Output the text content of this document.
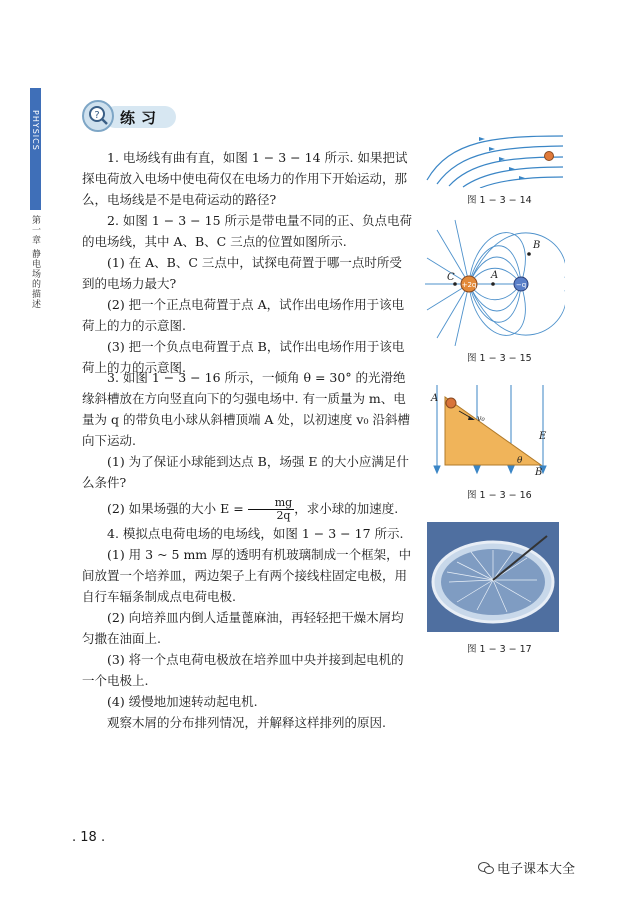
PHYSICS
第一章 静电场的描述
? 练习

1. 电场线有曲有直，如图 1 − 3 − 14 所示. 如果把试探电荷放入电场中使电荷仅在电场力的作用下开始运动，那么，电场线是不是电荷运动的路径?

2. 如图 1 − 3 − 15 所示是带电量不同的正、负点电荷的电场线，其中 A、B、C 三点的位置如图所示.

(1) 在 A、B、C 三点中，试探电荷置于哪一点时所受到的电场力最大?

(2) 把一个正点电荷置于点 A，试作出电场作用于该电荷上的力的示意图.

(3) 把一个负点电荷置于点 B，试作出电场作用于该电荷上的力的示意图.

3. 如图 1 − 3 − 16 所示，一倾角 θ = 30° 的光滑绝缘斜槽放在方向竖直向下的匀强电场中. 有一质量为 m、电量为 q 的带负电小球从斜槽顶端 A 处，以初速度 v₀ 沿斜槽向下运动.

(1) 为了保证小球能到达点 B，场强 E 的大小应满足什么条件?

(2) 如果场强的大小 $E = \frac{mg}{2q}$ ，求小球的加速度.

4. 模拟点电荷电场的电场线，如图 1 − 3 − 17 所示.

(1) 用 3 ~ 5 mm 厚的透明有机玻璃制成一个框架，中间放置一个培养皿，两边架子上有两个接线柱固定电极，用自行车辐条制成点电荷电极.

(2) 向培养皿内倒人适量蓖麻油，再轻轻把干燥木屑均匀撒在油面上.

(3) 将一个点电荷电极放在培养皿中央并接到起电机的一个电极上.

(4) 缓慢地加速转动起电机.

观察木屑的分布排列情况，并解释这样排列的原因.

图 1 − 3 − 14
+2q	−q
C	A
B
图 1 − 3 − 15
v₀
A
E
B
θ
图 1 − 3 − 16
图 1 − 3 − 17
. 18 .
电子课本大全
